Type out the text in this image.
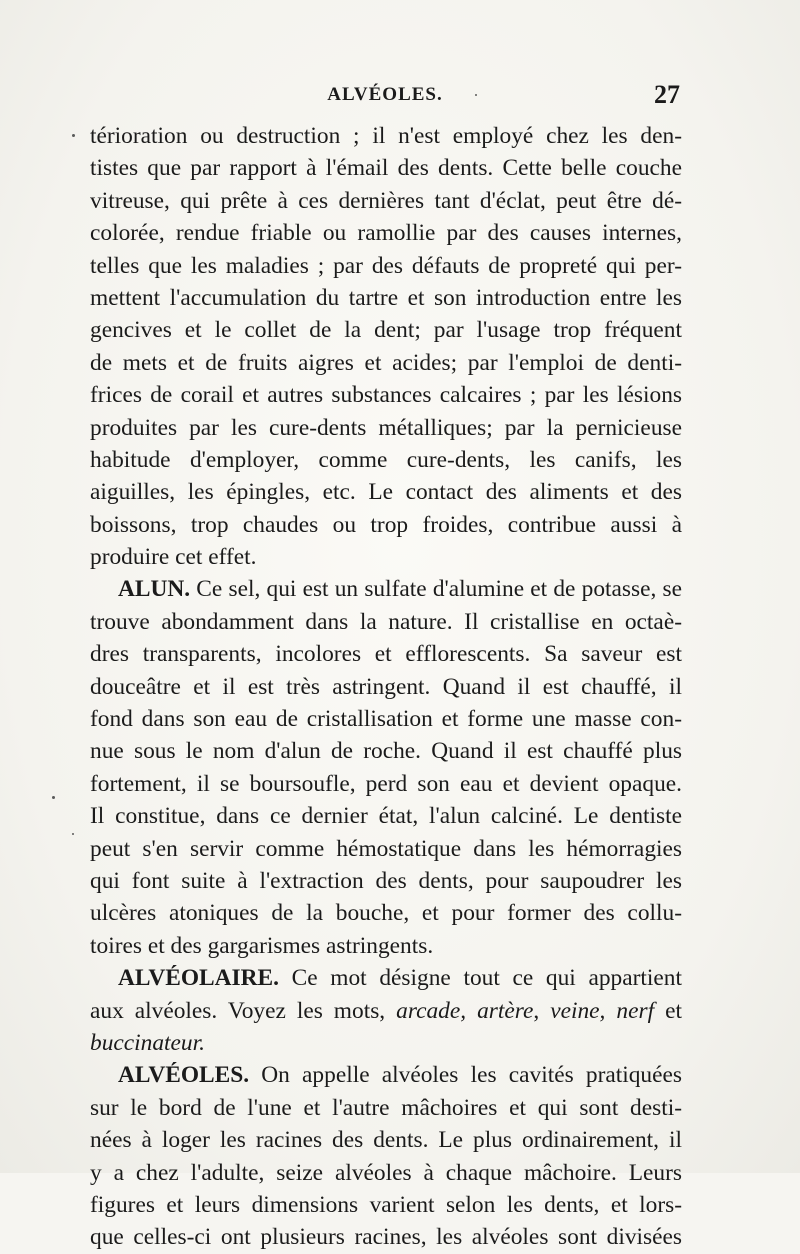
ALVÉOLES.	27
térioration ou destruction ; il n'est employé chez les den-
tistes que par rapport à l'émail des dents. Cette belle couche
vitreuse, qui prête à ces dernières tant d'éclat, peut être dé-
colorée, rendue friable ou ramollie par des causes internes,
telles que les maladies ; par des défauts de propreté qui per-
mettent l'accumulation du tartre et son introduction entre les
gencives et le collet de la dent; par l'usage trop fréquent
de mets et de fruits aigres et acides; par l'emploi de denti-
frices de corail et autres substances calcaires ; par les lésions
produites par les cure-dents métalliques; par la pernicieuse
habitude d'employer, comme cure-dents, les canifs, les
aiguilles, les épingles, etc. Le contact des aliments et des
boissons, trop chaudes ou trop froides, contribue aussi à
produire cet effet.
ALUN. Ce sel, qui est un sulfate d'alumine et de potasse, se
trouve abondamment dans la nature. Il cristallise en octaè-
dres transparents, incolores et efflorescents. Sa saveur est
douceâtre et il est très astringent. Quand il est chauffé, il
fond dans son eau de cristallisation et forme une masse con-
nue sous le nom d'alun de roche. Quand il est chauffé plus
fortement, il se boursoufle, perd son eau et devient opaque.
Il constitue, dans ce dernier état, l'alun calciné. Le dentiste
peut s'en servir comme hémostatique dans les hémorragies
qui font suite à l'extraction des dents, pour saupoudrer les
ulcères atoniques de la bouche, et pour former des collu-
toires et des gargarismes astringents.
ALVÉOLAIRE. Ce mot désigne tout ce qui appartient
aux alvéoles. Voyez les mots, arcade, artère, veine, nerf et
buccinateur.
ALVÉOLES. On appelle alvéoles les cavités pratiquées
sur le bord de l'une et l'autre mâchoires et qui sont desti-
nées à loger les racines des dents. Le plus ordinairement, il
y a chez l'adulte, seize alvéoles à chaque mâchoire. Leurs
figures et leurs dimensions varient selon les dents, et lors-
que celles-ci ont plusieurs racines, les alvéoles sont divisées
